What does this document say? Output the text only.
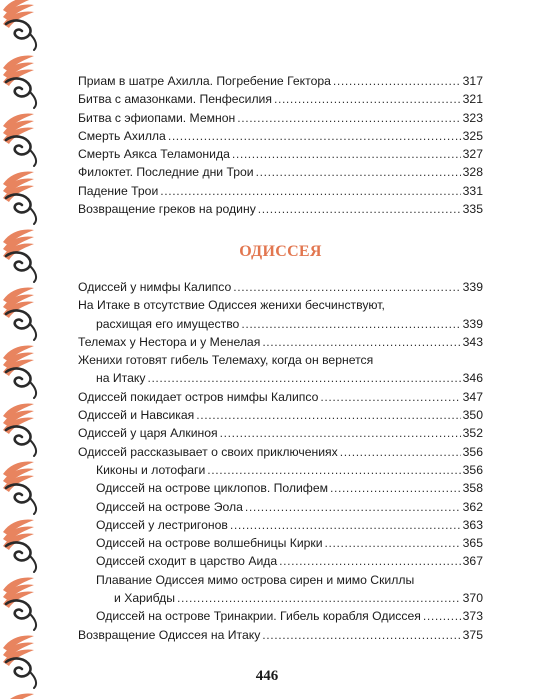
Приам в шатре Ахилла. Погребение Гектора .....	317
Битва с амазонками. Пенфесилия .....	321
Битва с эфиопами. Мемнон .....	323
Смерть Ахилла .....	325
Смерть Аякса Теламонида .....	327
Филоктет. Последние дни Трои .....	328
Падение Трои .....	331
Возвращение греков на родину .....	335
ОДИССЕЯ
Одиссей у нимфы Калипсо .....	339
На Итаке в отсутствие Одиссея женихи бесчинствуют,
расхищая его имущество .....	339
Телемах у Нестора и у Менелая .....	343
Женихи готовят гибель Телемаху, когда он вернется
на Итаку .....	346
Одиссей покидает остров нимфы Калипсо .....	347
Одиссей и Навсикая .....	350
Одиссей у царя Алкиноя .....	352
Одиссей рассказывает о своих приключениях .....	356
Киконы и лотофаги .....	356
Одиссей на острове циклопов. Полифем .....	358
Одиссей на острове Эола .....	362
Одиссей у лестригонов .....	363
Одиссей на острове волшебницы Кирки .....	365
Одиссей сходит в царство Аида .....	367
Плавание Одиссея мимо острова сирен и мимо Скиллы
и Харибды .....	370
Одиссей на острове Тринакрии. Гибель корабля Одиссея .....	373
Возвращение Одиссея на Итаку .....	375
446
